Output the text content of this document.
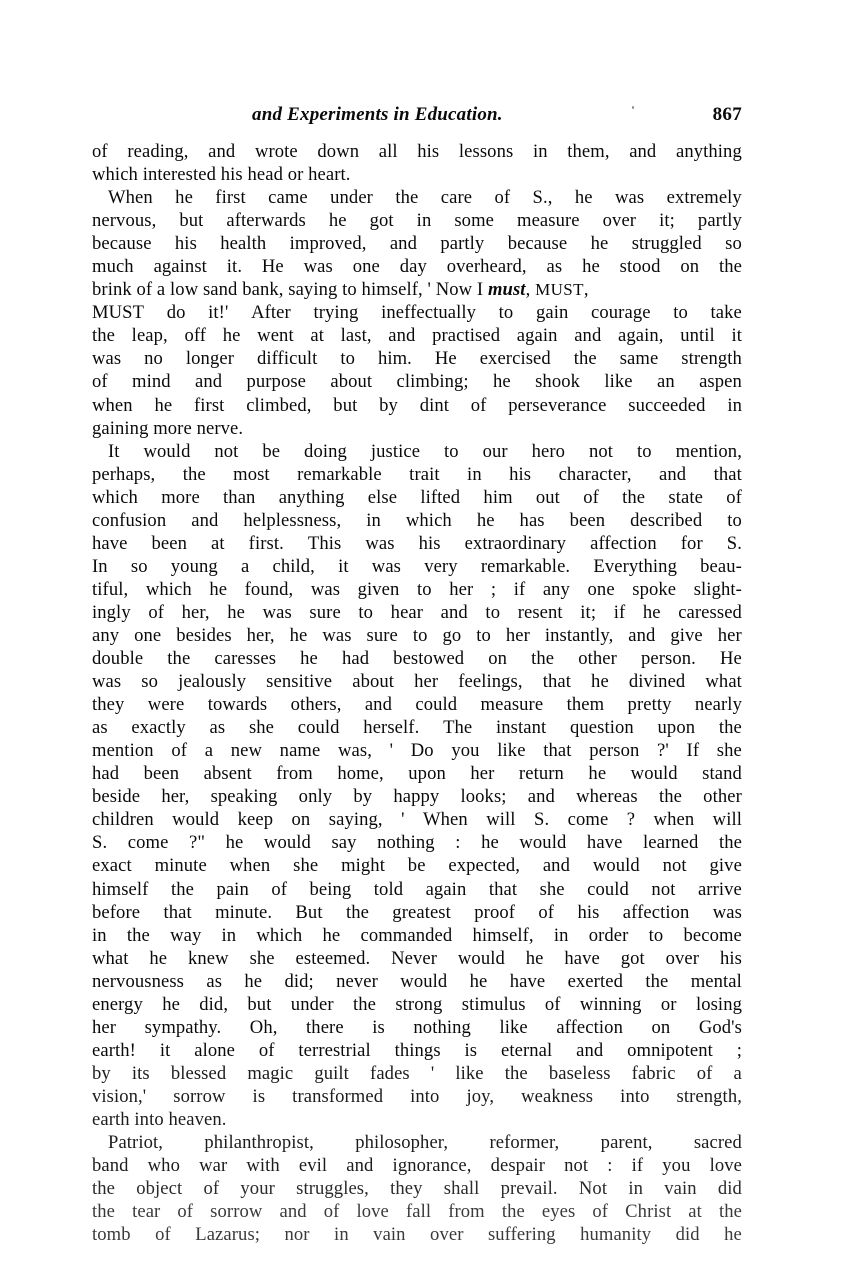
and Experiments in Education.	867

of reading, and wrote down all his lessons in them, and anything
which interested his head or heart.

When he first came under the care of S., he was extremely
nervous, but afterwards he got in some measure over it; partly
because his health improved, and partly because he struggled so
much against it. He was one day overheard, as he stood on the
brink of a low sand bank, saying to himself, ' Now I must, MUST,
MUST do it!' After trying ineffectually to gain courage to take
the leap, off he went at last, and practised again and again, until it
was no longer difficult to him. He exercised the same strength
of mind and purpose about climbing; he shook like an aspen
when he first climbed, but by dint of perseverance succeeded in
gaining more nerve.

It would not be doing justice to our hero not to mention,
perhaps, the most remarkable trait in his character, and that
which more than anything else lifted him out of the state of
confusion and helplessness, in which he has been described to
have been at first. This was his extraordinary affection for S.
In so young a child, it was very remarkable. Everything beau-
tiful, which he found, was given to her ; if any one spoke slight-
ingly of her, he was sure to hear and to resent it; if he caressed
any one besides her, he was sure to go to her instantly, and give her
double the caresses he had bestowed on the other person. He
was so jealously sensitive about her feelings, that he divined what
they were towards others, and could measure them pretty nearly
as exactly as she could herself. The instant question upon the
mention of a new name was, ' Do you like that person ?' If she
had been absent from home, upon her return he would stand
beside her, speaking only by happy looks; and whereas the other
children would keep on saying, ' When will S. come ? when will
S. come ?" he would say nothing : he would have learned the
exact minute when she might be expected, and would not give
himself the pain of being told again that she could not arrive
before that minute. But the greatest proof of his affection was
in the way in which he commanded himself, in order to become
what he knew she esteemed. Never would he have got over his
nervousness as he did; never would he have exerted the mental
energy he did, but under the strong stimulus of winning or losing
her sympathy. Oh, there is nothing like affection on God's
earth! it alone of terrestrial things is eternal and omnipotent ;
by its blessed magic guilt fades ' like the baseless fabric of a
vision,' sorrow is transformed into joy, weakness into strength,
earth into heaven.

Patriot, philanthropist, philosopher, reformer, parent, sacred
band who war with evil and ignorance, despair not : if you love
the object of your struggles, they shall prevail. Not in vain did
the tear of sorrow and of love fall from the eyes of Christ at the
tomb of Lazarus; nor in vain over suffering humanity did he
